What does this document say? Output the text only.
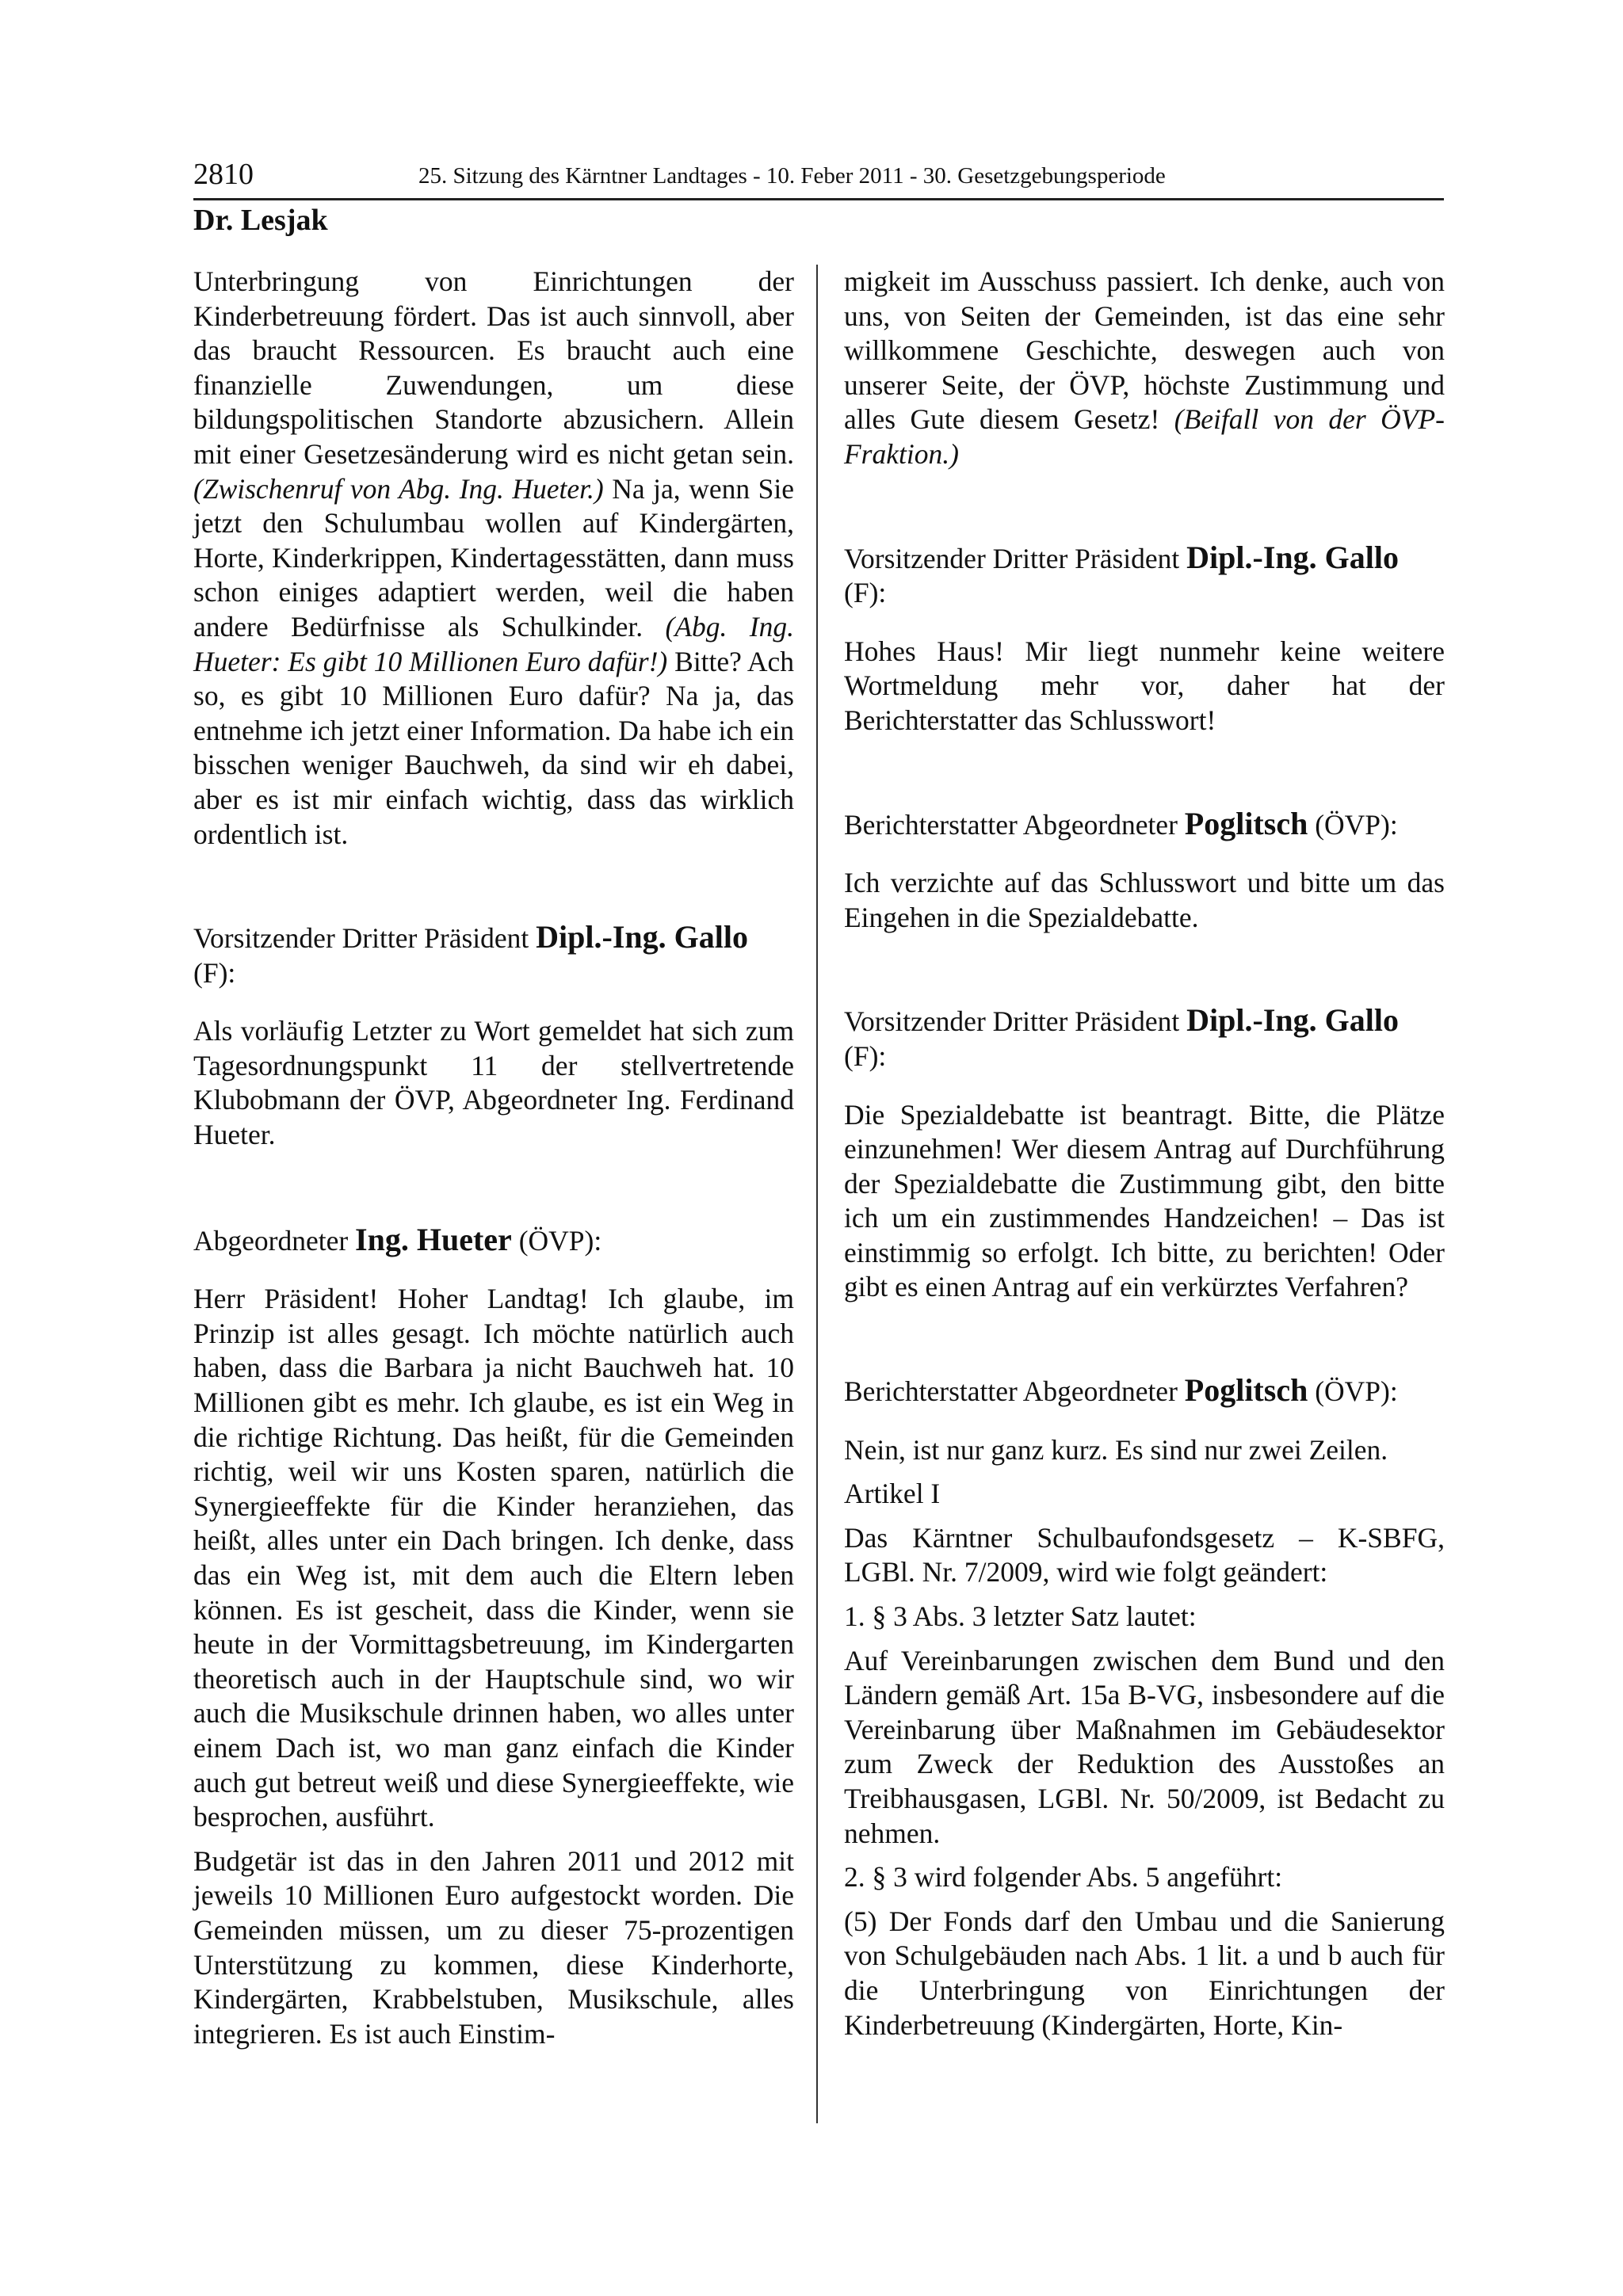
2810	25. Sitzung des Kärntner Landtages - 10. Feber 2011 - 30. Gesetzgebungsperiode
Dr. Lesjak

Unterbringung von Einrichtungen der Kinderbetreuung fördert. Das ist auch sinnvoll, aber das braucht Ressourcen. Es braucht auch eine finanzielle Zuwendungen, um diese bildungspolitischen Standorte abzusichern. Allein mit einer Gesetzesänderung wird es nicht getan sein. (Zwischenruf von Abg. Ing. Hueter.) Na ja, wenn Sie jetzt den Schulumbau wollen auf Kindergärten, Horte, Kinderkrippen, Kindertagesstätten, dann muss schon einiges adaptiert werden, weil die haben andere Bedürfnisse als Schulkinder. (Abg. Ing. Hueter: Es gibt 10 Millionen Euro dafür!) Bitte? Ach so, es gibt 10 Millionen Euro dafür? Na ja, das entnehme ich jetzt einer Information. Da habe ich ein bisschen weniger Bauchweh, da sind wir eh dabei, aber es ist mir einfach wichtig, dass das wirklich ordentlich ist.

Vorsitzender Dritter Präsident Dipl.-Ing. Gallo (F):

Als vorläufig Letzter zu Wort gemeldet hat sich zum Tagesordnungspunkt 11 der stellvertretende Klubobmann der ÖVP, Abgeordneter Ing. Ferdinand Hueter.

Abgeordneter Ing. Hueter (ÖVP):

Herr Präsident! Hoher Landtag! Ich glaube, im Prinzip ist alles gesagt. Ich möchte natürlich auch haben, dass die Barbara ja nicht Bauchweh hat. 10 Millionen gibt es mehr. Ich glaube, es ist ein Weg in die richtige Richtung. Das heißt, für die Gemeinden richtig, weil wir uns Kosten sparen, natürlich die Synergieeffekte für die Kinder heranziehen, das heißt, alles unter ein Dach bringen. Ich denke, dass das ein Weg ist, mit dem auch die Eltern leben können. Es ist gescheit, dass die Kinder, wenn sie heute in der Vormittagsbetreuung, im Kindergarten theoretisch auch in der Hauptschule sind, wo wir auch die Musikschule drinnen haben, wo alles unter einem Dach ist, wo man ganz einfach die Kinder auch gut betreut weiß und diese Synergieeffekte, wie besprochen, ausführt.

Budgetär ist das in den Jahren 2011 und 2012 mit jeweils 10 Millionen Euro aufgestockt worden. Die Gemeinden müssen, um zu dieser 75-prozentigen Unterstützung zu kommen, diese Kinderhorte, Kindergärten, Krabbelstuben, Musikschule, alles integrieren. Es ist auch Einstim-

migkeit im Ausschuss passiert. Ich denke, auch von uns, von Seiten der Gemeinden, ist das eine sehr willkommene Geschichte, deswegen auch von unserer Seite, der ÖVP, höchste Zustimmung und alles Gute diesem Gesetz! (Beifall von der ÖVP-Fraktion.)

Vorsitzender Dritter Präsident Dipl.-Ing. Gallo (F):

Hohes Haus! Mir liegt nunmehr keine weitere Wortmeldung mehr vor, daher hat der Berichterstatter das Schlusswort!

Berichterstatter Abgeordneter Poglitsch (ÖVP):

Ich verzichte auf das Schlusswort und bitte um das Eingehen in die Spezialdebatte.

Vorsitzender Dritter Präsident Dipl.-Ing. Gallo (F):

Die Spezialdebatte ist beantragt. Bitte, die Plätze einzunehmen! Wer diesem Antrag auf Durchführung der Spezialdebatte die Zustimmung gibt, den bitte ich um ein zustimmendes Handzeichen! – Das ist einstimmig so erfolgt. Ich bitte, zu berichten! Oder gibt es einen Antrag auf ein verkürztes Verfahren?

Berichterstatter Abgeordneter Poglitsch (ÖVP):

Nein, ist nur ganz kurz. Es sind nur zwei Zeilen.

Artikel I

Das Kärntner Schulbaufondsgesetz – K-SBFG, LGBl. Nr. 7/2009, wird wie folgt geändert:

1. § 3 Abs. 3 letzter Satz lautet:

Auf Vereinbarungen zwischen dem Bund und den Ländern gemäß Art. 15a B-VG, insbesondere auf die Vereinbarung über Maßnahmen im Gebäudesektor zum Zweck der Reduktion des Ausstoßes an Treibhausgasen, LGBl. Nr. 50/2009, ist Bedacht zu nehmen.

2. § 3 wird folgender Abs. 5 angeführt:

(5) Der Fonds darf den Umbau und die Sanierung von Schulgebäuden nach Abs. 1 lit. a und b auch für die Unterbringung von Einrichtungen der Kinderbetreuung (Kindergärten, Horte, Kin-
